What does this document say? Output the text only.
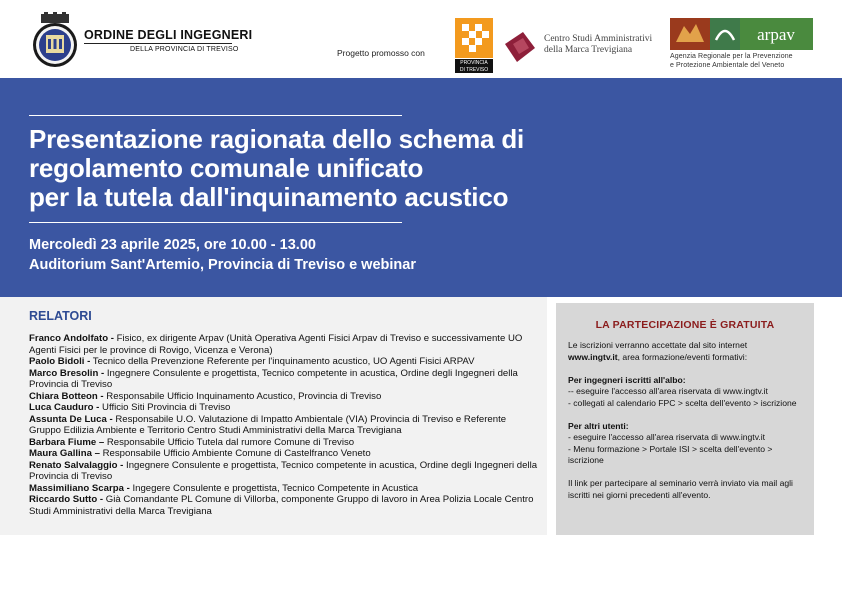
ORDINE DEGLI INGEGNERI
DELLA PROVINCIA DI TREVISO	Progetto promosso con
PROVINCIA
DI TREVISO
Centro Studi Amministrativi
della Marca Trevigiana
arpav
Agenzia Regionale per la Prevenzione
e Protezione Ambientale del Veneto
Presentazione ragionata dello schema di
regolamento comunale unificato
per la tutela dall'inquinamento acustico
Mercoledì 23 aprile 2025, ore 10.00 - 13.00
Auditorium Sant'Artemio, Provincia di Treviso e webinar
RELATORI
Franco Andolfato - Fisico, ex dirigente Arpav (Unità Operativa Agenti Fisici Arpav di Treviso e successivamente UO Agenti Fisici per le province di Rovigo, Vicenza e Verona)
Paolo Bidoli - Tecnico della Prevenzione Referente per l'inquinamento acustico, UO Agenti Fisici ARPAV
Marco Bresolin - Ingegnere Consulente e progettista, Tecnico competente in acustica, Ordine degli Ingegneri della Provincia di Treviso
Chiara Botteon - Responsabile Ufficio Inquinamento Acustico, Provincia di Treviso
Luca Cauduro - Ufficio Siti Provincia di Treviso
Assunta De Luca - Responsabile U.O. Valutazione di Impatto Ambientale (VIA) Provincia di Treviso e Referente Gruppo Edilizia Ambiente e Territorio Centro Studi Amministrativi della Marca Trevigiana
Barbara Fiume – Responsabile Ufficio Tutela dal rumore Comune di Treviso
Maura Gallina – Responsabile Ufficio Ambiente Comune di Castelfranco Veneto
Renato Salvalaggio - Ingegnere Consulente e progettista, Tecnico competente in acustica, Ordine degli Ingegneri della Provincia di Treviso
Massimiliano Scarpa - Ingegere Consulente e progettista, Tecnico Competente in Acustica
Riccardo Sutto - Già Comandante PL Comune di Villorba, componente Gruppo di lavoro in Area Polizia Locale Centro Studi Amministrativi della Marca Trevigiana
LA PARTECIPAZIONE È GRATUITA
Le iscrizioni verranno accettate dal sito internet
www.ingtv.it, area formazione/eventi formativi:
Per ingegneri iscritti all'albo:
-- eseguire l'accesso all'area riservata di www.ingtv.it
- collegati al calendario FPC > scelta dell'evento > iscrizione
Per altri utenti:
- eseguire l'accesso all'area riservata di www.ingtv.it
- Menu formazione > Portale ISI > scelta dell'evento > iscrizione
Il link per partecipare al seminario verrà inviato via mail agli iscritti nei giorni precedenti all'evento.
